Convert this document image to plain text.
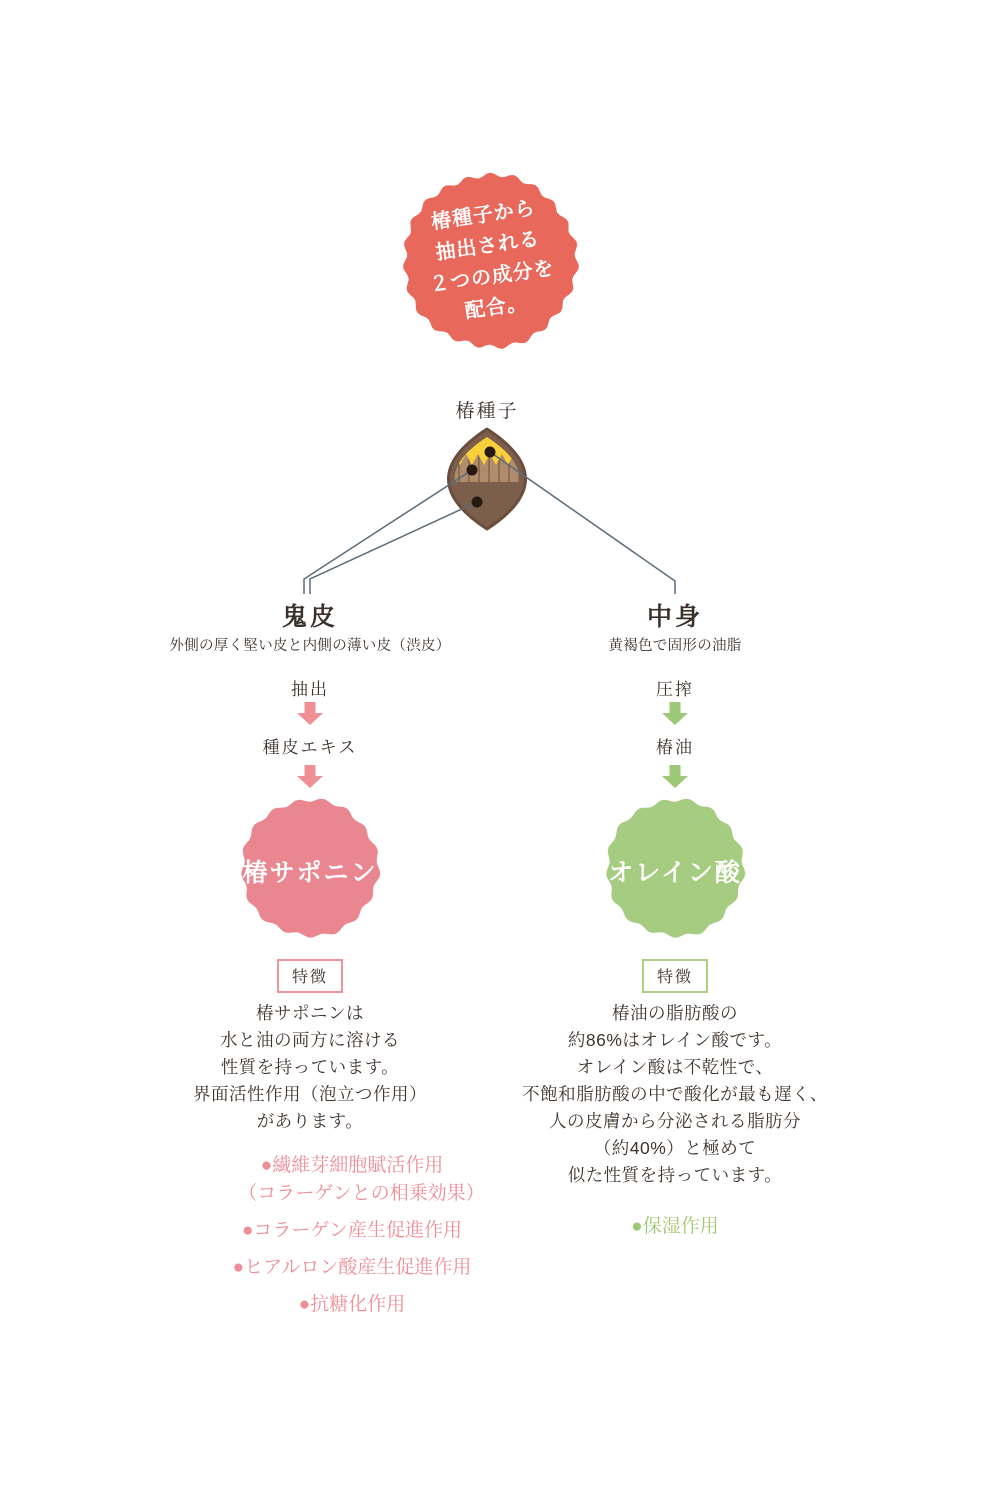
椿種子から
抽出される
２つの成分を
配合。
椿種子
鬼皮
外側の厚く堅い皮と内側の薄い皮（渋皮）
抽出
種皮エキス
椿サポニン
特徴
椿サポニンは
水と油の両方に溶ける
性質を持っています。
界面活性作用（泡立つ作用）
があります。
●繊維芽細胞賦活作用
（コラーゲンとの相乗効果）
●コラーゲン産生促進作用
●ヒアルロン酸産生促進作用
●抗糖化作用
中身
黄褐色で固形の油脂
圧搾
椿油
オレイン酸
特徴
椿油の脂肪酸の
約86%はオレイン酸です。
オレイン酸は不乾性で、
不飽和脂肪酸の中で酸化が最も遅く、
人の皮膚から分泌される脂肪分
（約40%）と極めて
似た性質を持っています。
●保湿作用
